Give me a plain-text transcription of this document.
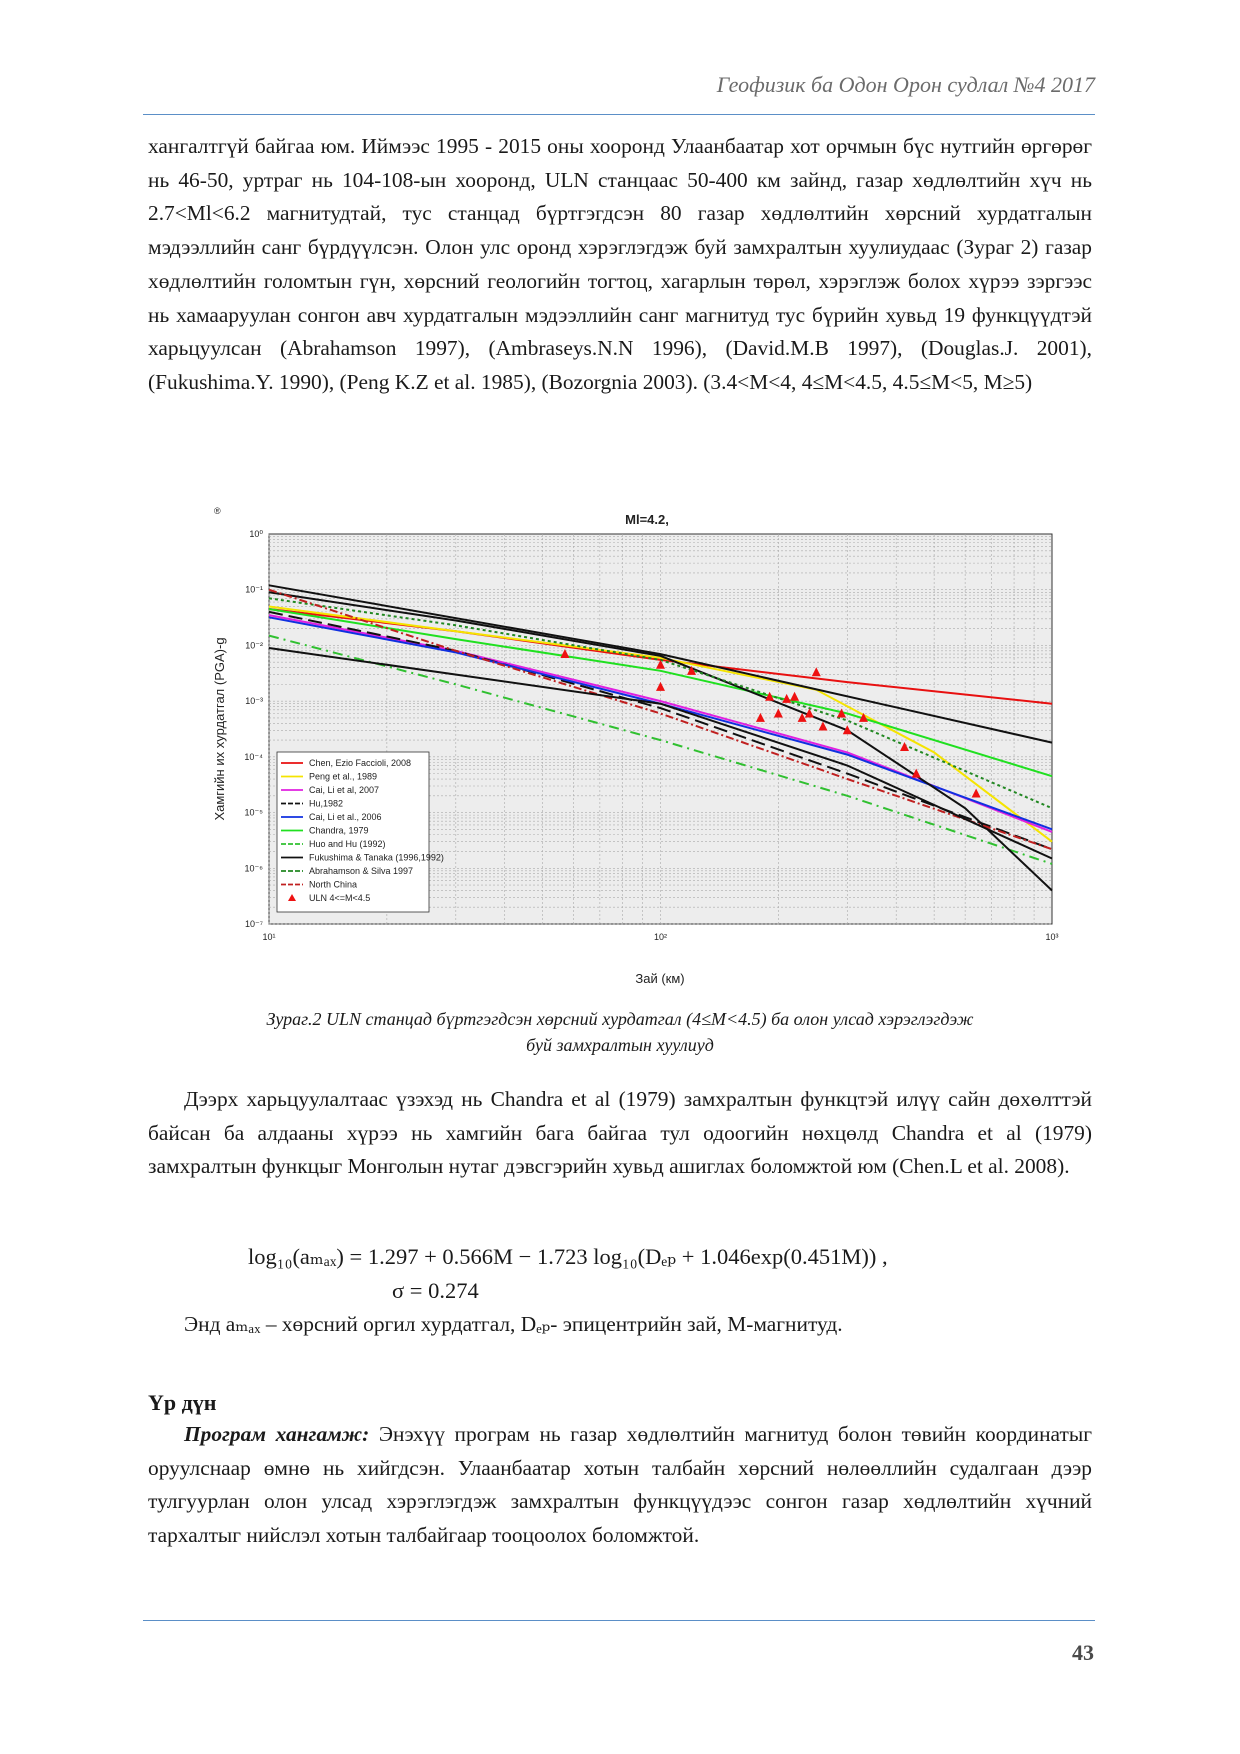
Геофизик ба Одон Орон судлал №4 2017
хангалтгүй байгаа юм. Иймээс 1995 - 2015 оны хооронд Улаанбаатар хот орчмын бүс нутгийн өргөрөг нь 46-50, уртраг нь 104-108-ын хооронд, ULN станцаас 50-400 км зайнд, газар хөдлөлтийн хүч нь 2.7<Ml<6.2 магнитудтай, тус станцад бүртгэгдсэн 80 газар хөдлөлтийн хөрсний хурдатгалын мэдээллийн санг бүрдүүлсэн. Олон улс оронд хэрэглэгдэж буй замхралтын хуулиудаас (Зураг 2) газар хөдлөлтийн голомтын гүн, хөрсний геологийн тогтоц, хагарлын төрөл, хэрэглэж болох хүрээ зэргээс нь хамааруулан сонгон авч хурдатгалын мэдээллийн санг магнитуд тус бүрийн хувьд 19 функцүүдтэй харьцуулсан (Abrahamson 1997), (Ambraseys.N.N 1996), (David.M.B 1997), (Douglas.J. 2001), (Fukushima.Y. 1990), (Peng K.Z et al. 1985), (Bozorgnia 2003). (3.4<M<4, 4≤M<4.5, 4.5≤M<5, M≥5)
®
Ml=4.2,
10¹	10²	10³
10⁰
10⁻¹
10⁻²
10⁻³
10⁻⁴
10⁻⁵
10⁻⁶
10⁻⁷
Зай (км)
Хамгийн их хурдатгал (PGA)-g	Chen, Ezio Faccioli, 2008
Peng et al., 1989
Cai, Li et al, 2007
Hu,1982
Cai, Li et al., 2006
Chandra, 1979
Huo and Hu (1992)
Fukushima & Tanaka (1996,1992)
Abrahamson & Silva 1997
North China
ULN 4<=M<4.5
Зураг.2 ULN станцад бүртгэгдсэн хөрсний хурдатгал (4≤M<4.5) ба олон улсад хэрэглэгдэж
буй замхралтын хуулиуд
Дээрх харьцуулалтаас үзэхэд нь Chandra et al (1979) замхралтын функцтэй илүү сайн дөхөлттэй байсан ба алдааны хүрээ нь хамгийн бага байгаа тул одоогийн нөхцөлд Chandra et al (1979) замхралтын функцыг Монголын нутаг дэвсгэрийн хувьд ашиглах боломжтой юм (Chen.L et al. 2008).
log₁₀(aₘₐₓ) = 1.297 + 0.566M − 1.723 log₁₀(Dₑₚ + 1.046exp(0.451M)) ,
σ = 0.274
Энд aₘₐₓ – хөрсний оргил хурдатгал, Dₑₚ- эпицентрийн зай, M-магнитуд.
Үр дүн
Програм хангамж: Энэхүү програм нь газар хөдлөлтийн магнитуд болон төвийн координатыг оруулснаар өмнө нь хийгдсэн. Улаанбаатар хотын талбайн хөрсний нөлөөллийн судалгаан дээр тулгуурлан олон улсад хэрэглэгдэж замхралтын функцүүдээс сонгон газар хөдлөлтийн хүчний тархалтыг нийслэл хотын талбайгаар тооцоолох боломжтой.
43
